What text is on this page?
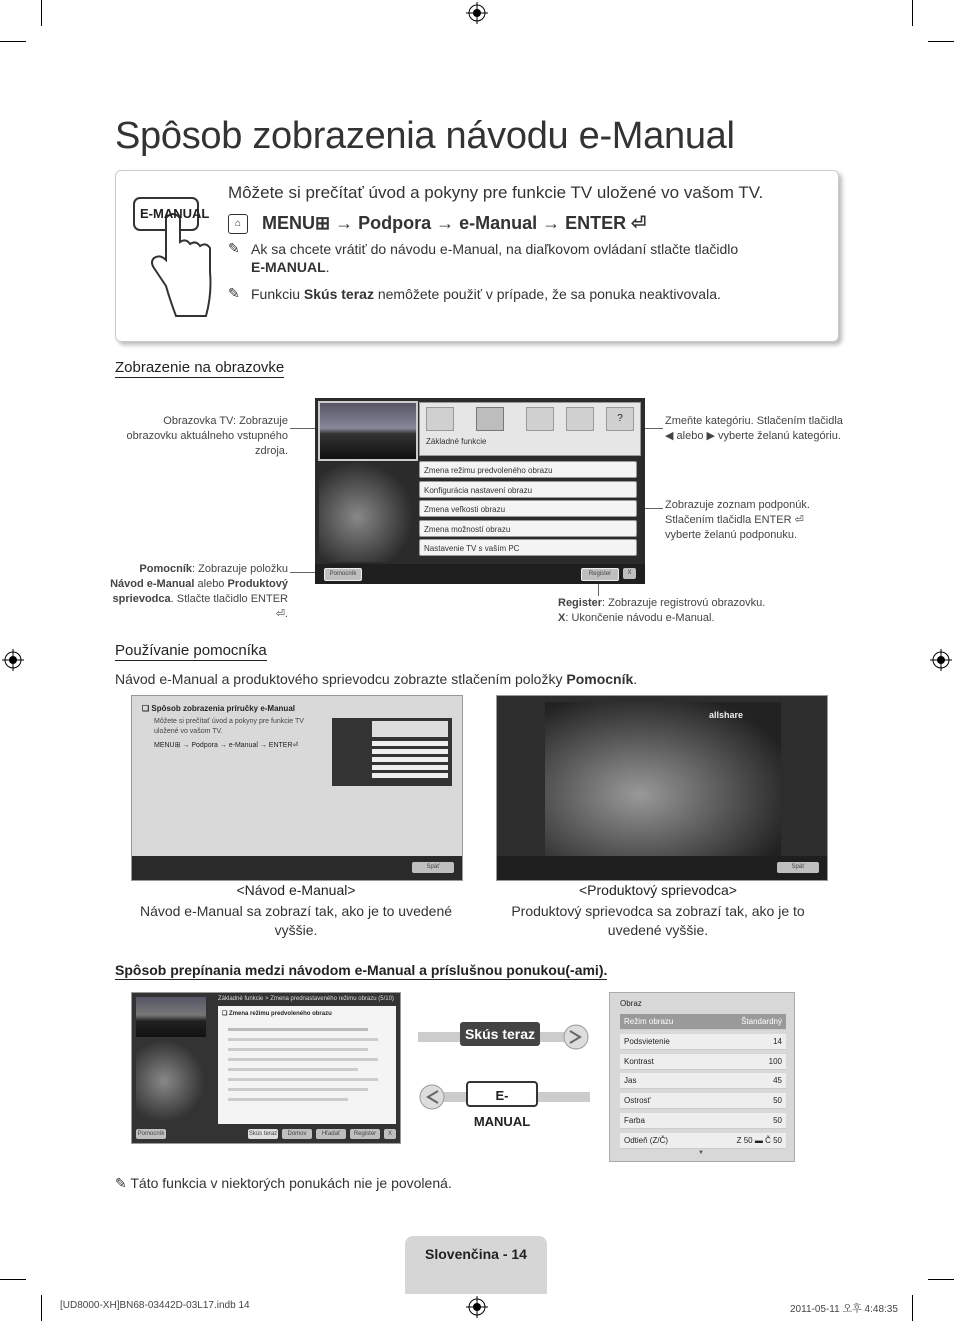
Spôsob zobrazenia návodu e-Manual
E-MANUAL
Môžete si prečítať úvod a pokyny pre funkcie TV uložené vo vašom TV.
⌂	MENU⊞ → Podpora → e-Manual → ENTER ⏎
✎ Ak sa chcete vrátiť do návodu e-Manual, na diaľkovom ovládaní stlačte tlačidlo
E-MANUAL.
✎ Funkciu Skús teraz nemôžete použiť v prípade, že sa ponuka neaktivovala.
Zobrazenie na obrazovke
Obrazovka TV: Zobrazuje obrazovku aktuálneho vstupného zdroja.
Zmeňte kategóriu. Stlačením tlačidla ◀ alebo ▶ vyberte želanú kategóriu.
Zobrazuje zoznam podponúk. Stlačením tlačidla ENTER ⏎ vyberte želanú podponuku.
Pomocník: Zobrazuje položku
Návod e-Manual alebo Produktový sprievodca. Stlačte tlačidlo ENTER ⏎.
Register: Zobrazuje registrovú obrazovku.
X: Ukončenie návodu e-Manual.
?
Základné funkcie
Zmena režimu predvoleného obrazu
Konfigurácia nastavení obrazu
Zmena veľkosti obrazu
Zmena možností obrazu
Nastavenie TV s vaším PC
Pomocník	Register	X
Používanie pomocníka
Návod e-Manual a produktového sprievodcu zobrazte stlačením položky Pomocník.
❑ Spôsob zobrazenia príručky e-Manual
Môžete si prečítať úvod a pokyny pre funkcie TV uložené vo vašom TV.
MENU⊞ → Podpora → e-Manual → ENTER⏎
Späť
allshare
Späť
<Návod e-Manual>
Návod e-Manual sa zobrazí tak, ako je to uvedené vyššie.
<Produktový sprievodca>
Produktový sprievodca sa zobrazí tak, ako je to uvedené vyššie.
Spôsob prepínania medzi návodom e-Manual a príslušnou ponukou(-ami).
Základné funkcie > Zmena prednastaveného režimu obrazu (5/10)
❑ Zmena režimu predvoleného obrazu
Pomocník	Skús teraz	Domov	Hľadať	Register	X
Skús teraz
E-MANUAL
Obraz
Režim obrazu	Štandardný
Podsvietenie	14
Kontrast	100
Jas	45
Ostrosť	50
Farba	50
Odtieň (Z/Č)	Z 50 ▬ Č 50
▼
✎ Táto funkcia v niektorých ponukách nie je povolená.
Slovenčina - 14
[UD8000-XH]BN68-03442D-03L17.indb 14	2011-05-11 오후 4:48:35
